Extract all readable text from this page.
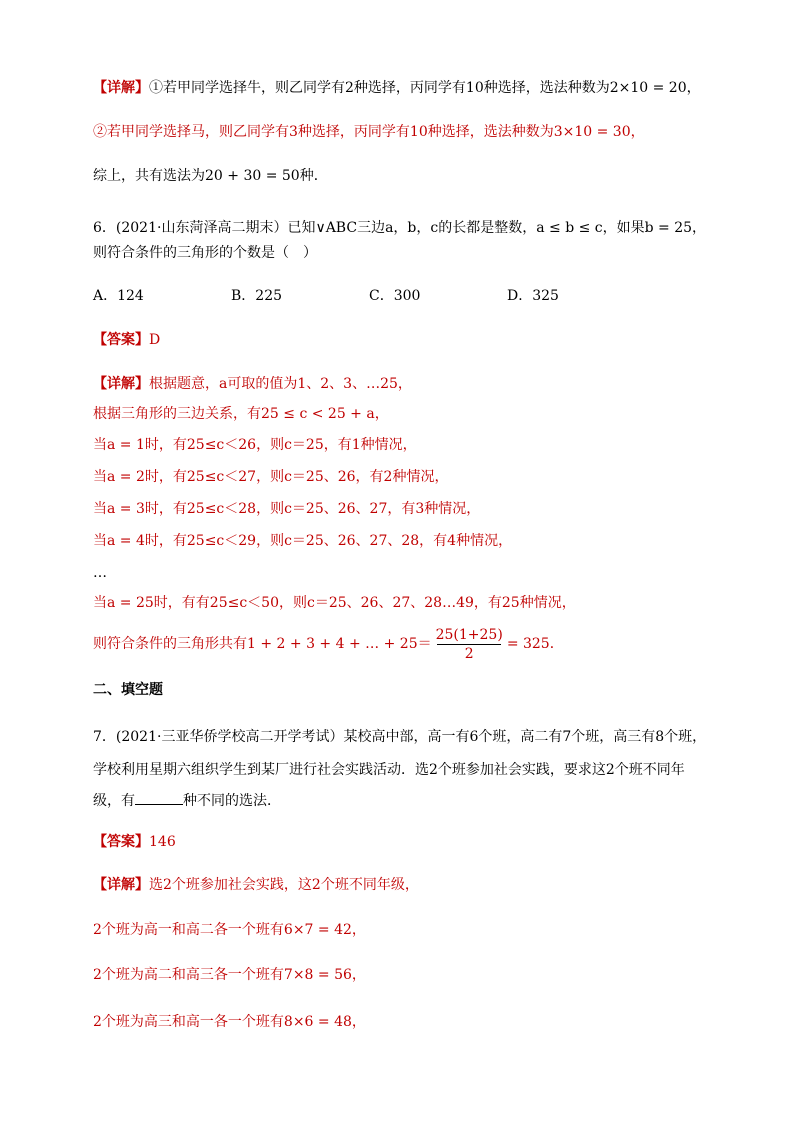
【详解】①若甲同学选择牛，则乙同学有2种选择，丙同学有10种选择，选法种数为2×10 = 20，
②若甲同学选择马，则乙同学有3种选择，丙同学有10种选择，选法种数为3×10 = 30，
综上，共有选法为20 + 30 = 50种．
6．(2021·山东菏泽高二期末）已知∨ABC三边a，b，c的长都是整数，a ≤ b ≤ c，如果b = 25，
则符合条件的三角形的个数是（　）
A．124	B．225	C．300	D．325
【答案】D
【详解】根据题意，a可取的值为1、2、3、…25，
根据三角形的三边关系，有25 ≤ c < 25 + a，
当a = 1时，有25≤c＜26，则c＝25，有1种情况，
当a = 2时，有25≤c＜27，则c＝25、26，有2种情况，
当a = 3时，有25≤c＜28，则c＝25、26、27，有3种情况，
当a = 4时，有25≤c＜29，则c＝25、26、27、28，有4种情况，
…
当a = 25时，有有25≤c＜50，则c＝25、26、27、28…49，有25种情况，
则符合条件的三角形共有1 + 2 + 3 + 4 + … + $25= \frac{25(1+25)}{2} = 325$．
二、填空题
7．(2021·三亚华侨学校高二开学考试）某校高中部，高一有6个班，高二有7个班，高三有8个班，
学校利用星期六组织学生到某厂进行社会实践活动．选2个班参加社会实践，要求这2个班不同年
级，有	种不同的选法．
【答案】146
【详解】选2个班参加社会实践，这2个班不同年级，
2个班为高一和高二各一个班有6×7 = 42，
2个班为高二和高三各一个班有7×8 = 56，
2个班为高三和高一各一个班有8×6 = 48，
